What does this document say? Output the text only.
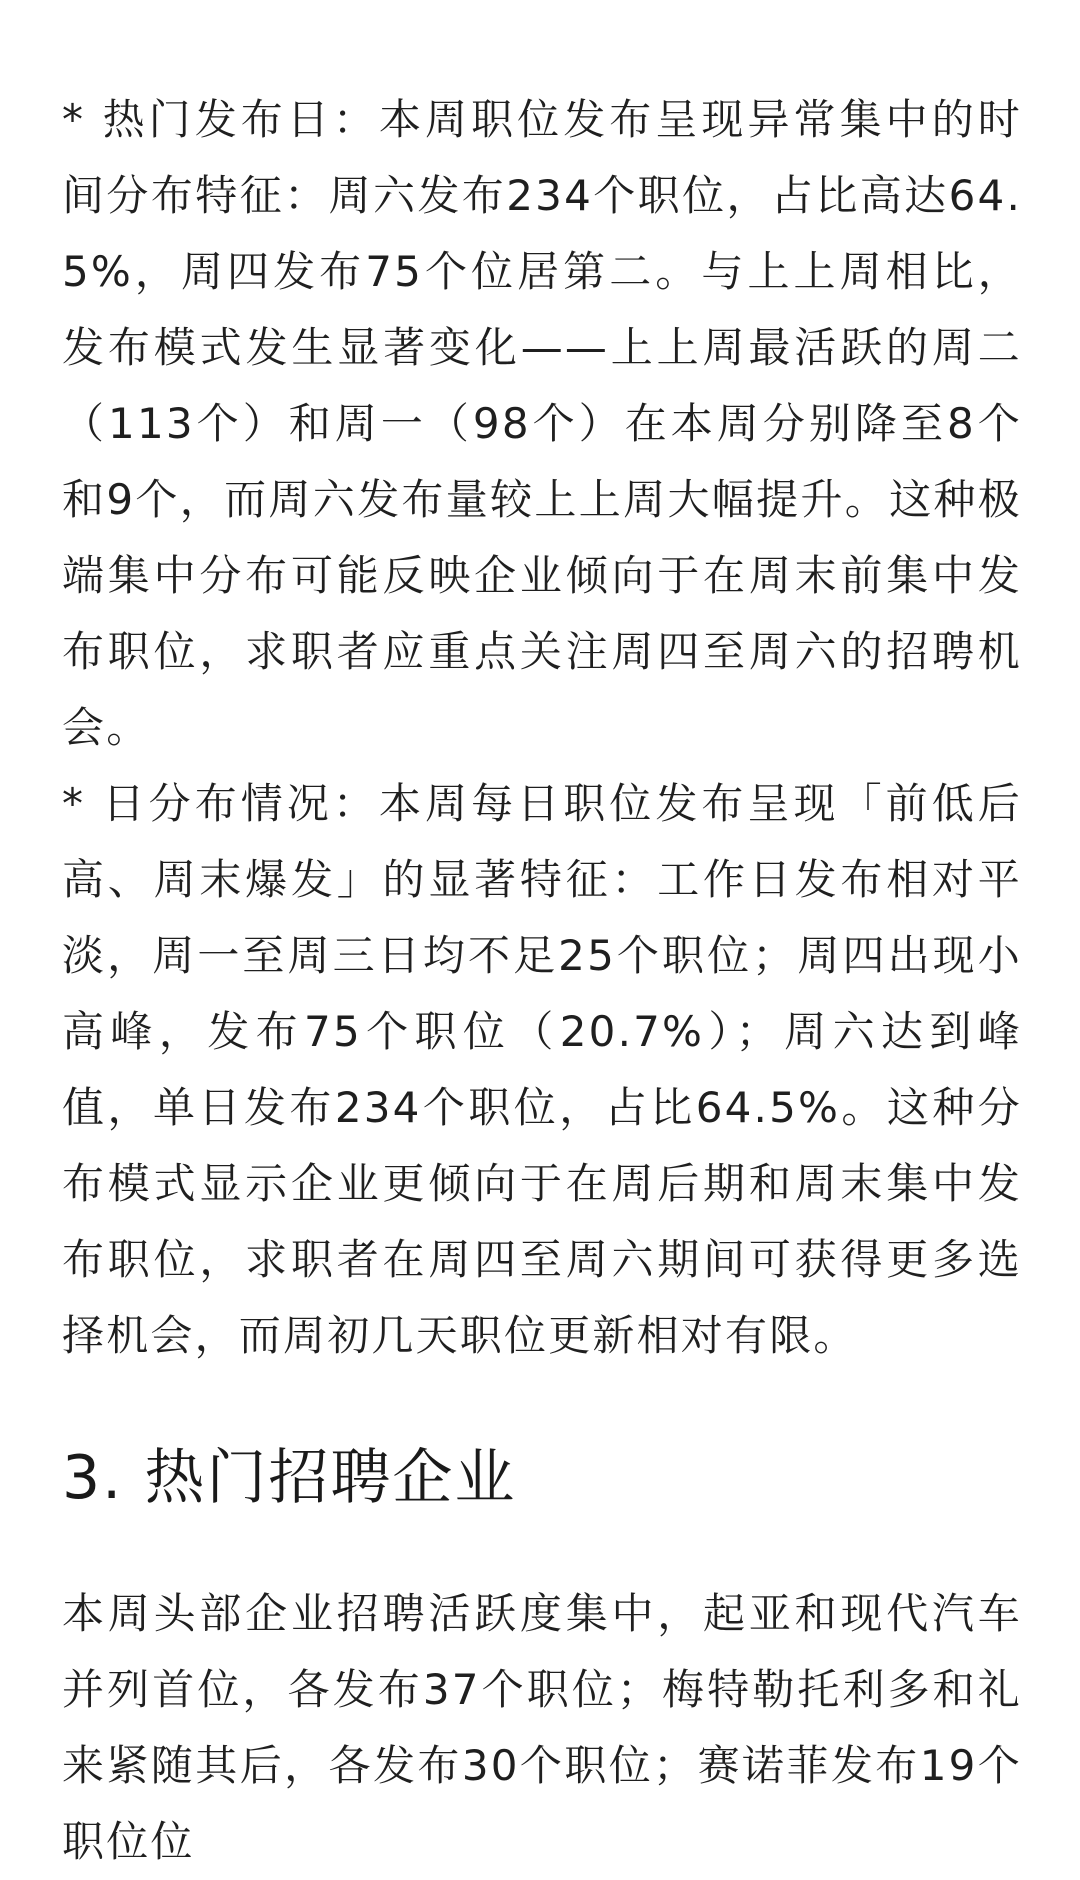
* 热门发布日：本周职位发布呈现异常集中的时间分布特征：周六发布234个职位，占比高达64.5%，周四发布75个位居第二。与上上周相比，发布模式发生显著变化——上上周最活跃的周二（113个）和周一（98个）在本周分别降至8个和9个，而周六发布量较上上周大幅提升。这种极端集中分布可能反映企业倾向于在周末前集中发布职位，求职者应重点关注周四至周六的招聘机会。

* 日分布情况：本周每日职位发布呈现「前低后高、周末爆发」的显著特征：工作日发布相对平淡，周一至周三日均不足25个职位；周四出现小高峰，发布75个职位（20.7%）；周六达到峰值，单日发布234个职位，占比64.5%。这种分布模式显示企业更倾向于在周后期和周末集中发布职位，求职者在周四至周六期间可获得更多选择机会，而周初几天职位更新相对有限。

3. 热门招聘企业

本周头部企业招聘活跃度集中，起亚和现代汽车并列首位，各发布37个职位；梅特勒托利多和礼来紧随其后，各发布30个职位；赛诺菲发布19个职位位
